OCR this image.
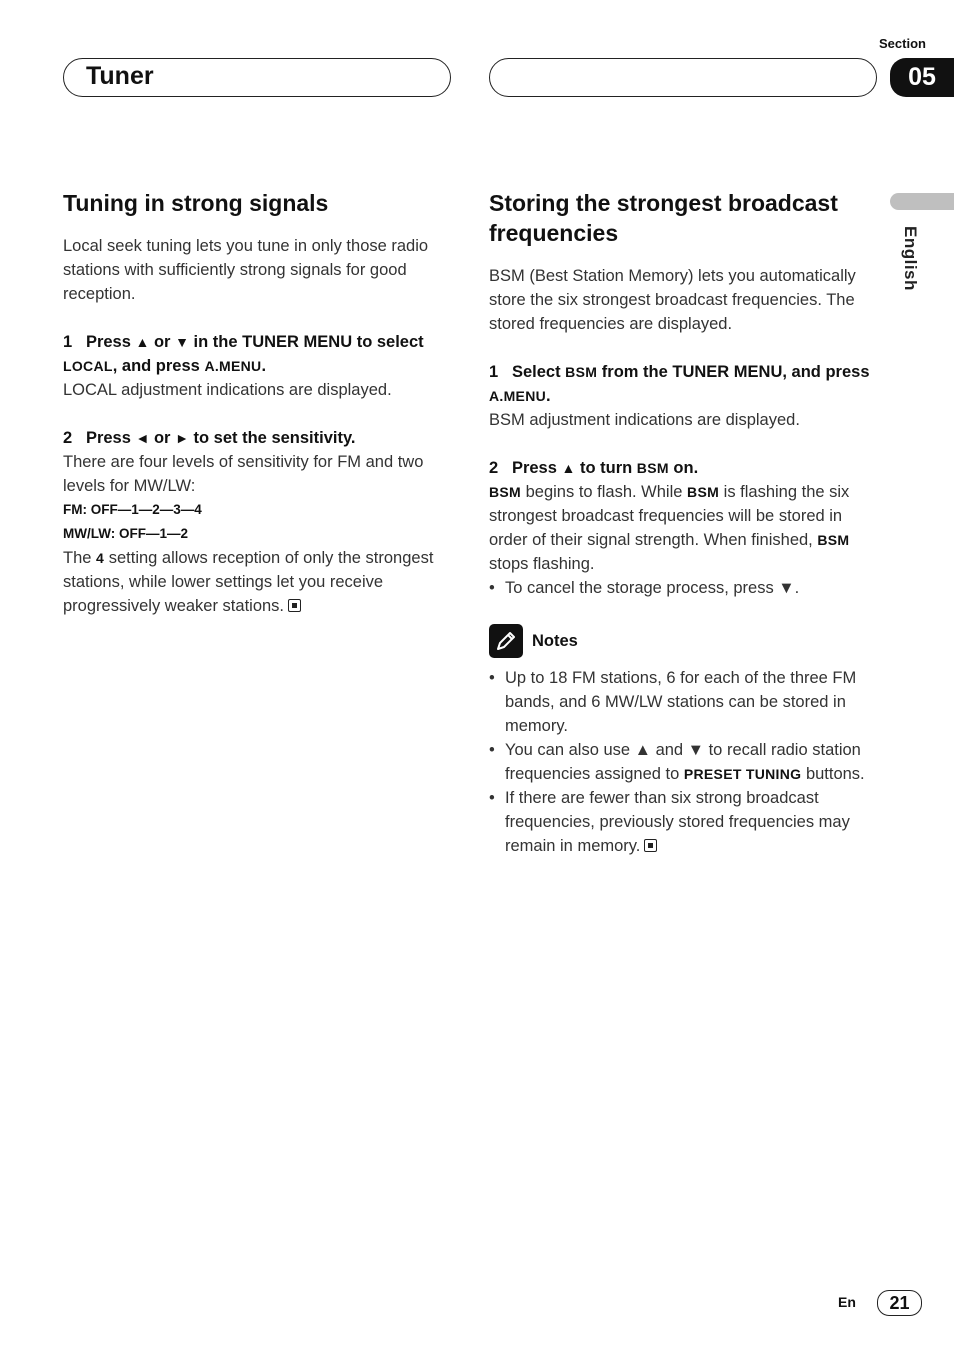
Section
Tuner	05
English
Tuning in strong signals

Local seek tuning lets you tune in only those radio stations with sufficiently strong signals for good reception.

1 Press ▲ or ▼ in the TUNER MENU to select LOCAL, and press A.MENU.

LOCAL adjustment indications are displayed.

2 Press ◄ or ► to set the sensitivity.

There are four levels of sensitivity for FM and two levels for MW/LW:

FM: OFF—1—2—3—4

MW/LW: OFF—1—2

The 4 setting allows reception of only the strongest stations, while lower settings let you receive progressively weaker stations.

Storing the strongest broadcast frequencies

BSM (Best Station Memory) lets you automatically store the six strongest broadcast frequencies. The stored frequencies are displayed.

1 Select BSM from the TUNER MENU, and press A.MENU.

BSM adjustment indications are displayed.

2 Press ▲ to turn BSM on.

BSM begins to flash. While BSM is flashing the six strongest broadcast frequencies will be stored in order of their signal strength. When finished, BSM stops flashing.

• To cancel the storage process, press ▼.

Notes

• Up to 18 FM stations, 6 for each of the three FM bands, and 6 MW/LW stations can be stored in memory.

• You can also use ▲ and ▼ to recall radio station frequencies assigned to PRESET TUNING buttons.

• If there are fewer than six strong broadcast frequencies, previously stored frequencies may remain in memory.

En	21
